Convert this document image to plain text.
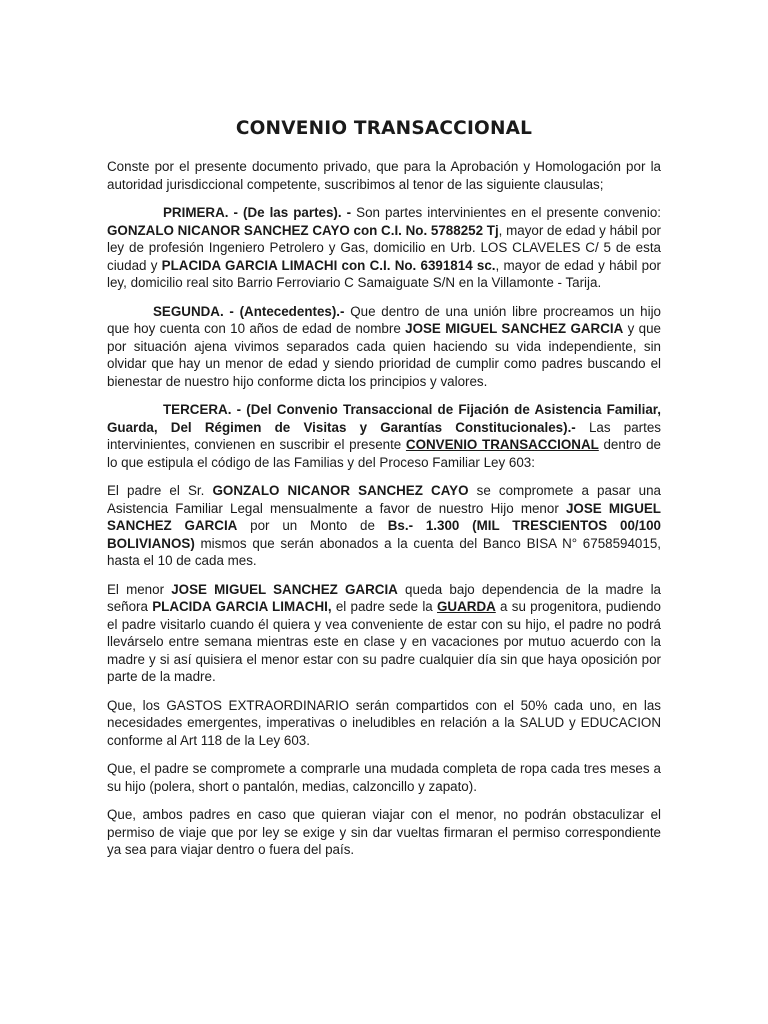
CONVENIO TRANSACCIONAL

Conste por el presente documento privado, que para la Aprobación y Homologación por la autoridad jurisdiccional competente, suscribimos al tenor de las siguiente clausulas;

PRIMERA. - (De las partes). - Son partes intervinientes en el presente convenio: GONZALO NICANOR SANCHEZ CAYO con C.I. No. 5788252 Tj, mayor de edad y hábil por ley de profesión Ingeniero Petrolero y Gas, domicilio en Urb. LOS CLAVELES C/ 5 de esta ciudad y PLACIDA GARCIA LIMACHI con C.I. No. 6391814 sc., mayor de edad y hábil por ley, domicilio real sito Barrio Ferroviario C Samaiguate S/N en la Villamonte - Tarija.

SEGUNDA. - (Antecedentes).- Que dentro de una unión libre procreamos un hijo que hoy cuenta con 10 años de edad de nombre JOSE MIGUEL SANCHEZ GARCIA y que por situación ajena vivimos separados cada quien haciendo su vida independiente, sin olvidar que hay un menor de edad y siendo prioridad de cumplir como padres buscando el bienestar de nuestro hijo conforme dicta los principios y valores.

TERCERA. - (Del Convenio Transaccional de Fijación de Asistencia Familiar, Guarda, Del Régimen de Visitas y Garantías Constitucionales).- Las partes intervinientes, convienen en suscribir el presente CONVENIO TRANSACCIONAL dentro de lo que estipula el código de las Familias y del Proceso Familiar Ley 603:

El padre el Sr. GONZALO NICANOR SANCHEZ CAYO se compromete a pasar una Asistencia Familiar Legal mensualmente a favor de nuestro Hijo menor JOSE MIGUEL SANCHEZ GARCIA por un Monto de Bs.- 1.300 (MIL TRESCIENTOS 00/100 BOLIVIANOS) mismos que serán abonados a la cuenta del Banco BISA N° 6758594015, hasta el 10 de cada mes.

El menor JOSE MIGUEL SANCHEZ GARCIA queda bajo dependencia de la madre la señora PLACIDA GARCIA LIMACHI, el padre sede la GUARDA a su progenitora, pudiendo el padre visitarlo cuando él quiera y vea conveniente de estar con su hijo, el padre no podrá llevárselo entre semana mientras este en clase y en vacaciones por mutuo acuerdo con la madre y si así quisiera el menor estar con su padre cualquier día sin que haya oposición por parte de la madre.

Que, los GASTOS EXTRAORDINARIO serán compartidos con el 50% cada uno, en las necesidades emergentes, imperativas o ineludibles en relación a la SALUD y EDUCACION conforme al Art 118 de la Ley 603.

Que, el padre se compromete a comprarle una mudada completa de ropa cada tres meses a su hijo (polera, short o pantalón, medias, calzoncillo y zapato).

Que, ambos padres en caso que quieran viajar con el menor, no podrán obstaculizar el permiso de viaje que por ley se exige y sin dar vueltas firmaran el permiso correspondiente ya sea para viajar dentro o fuera del país.
